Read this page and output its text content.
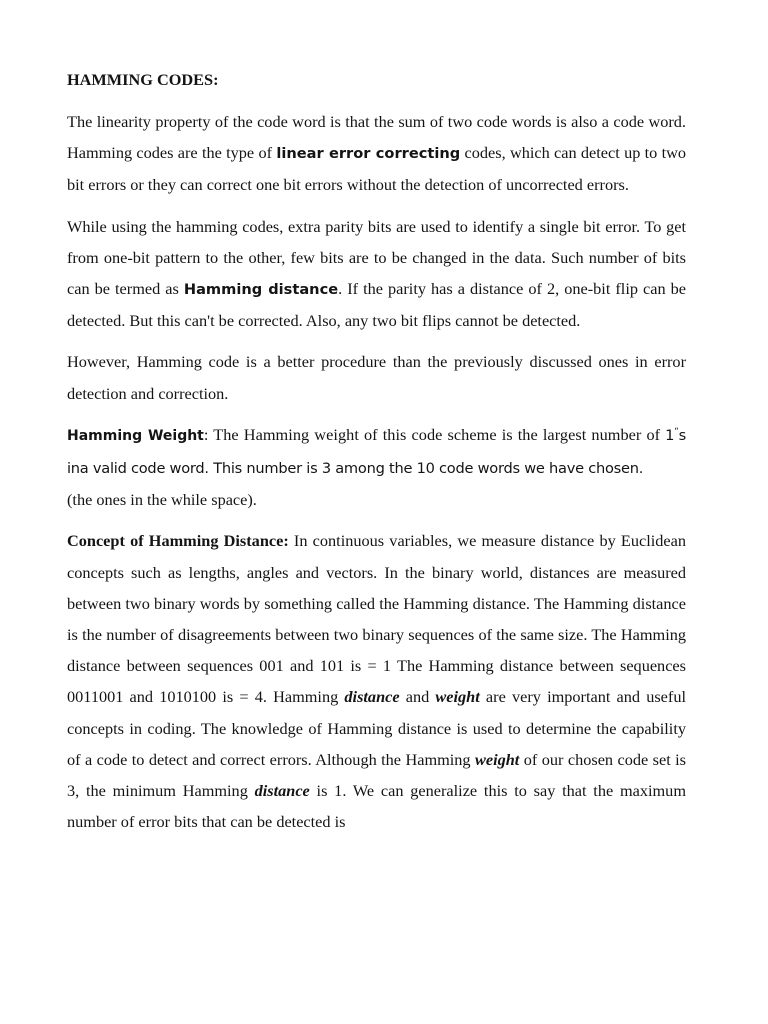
HAMMING CODES:

The linearity property of the code word is that the sum of two code words is also a code word. Hamming codes are the type of linear error correcting codes, which can detect up to two bit errors or they can correct one bit errors without the detection of uncorrected errors.

While using the hamming codes, extra parity bits are used to identify a single bit error. To get from one-bit pattern to the other, few bits are to be changed in the data. Such number of bits can be termed as Hamming distance. If the parity has a distance of 2, one-bit flip can be detected. But this can't be corrected. Also, any two bit flips cannot be detected.

However, Hamming code is a better procedure than the previously discussed ones in error detection and correction.

Hamming Weight: The Hamming weight of this code scheme is the largest number of 1“s ina valid code word. This number is 3 among the 10 code words we have chosen.
(the ones in the while space).

Concept of Hamming Distance: In continuous variables, we measure distance by Euclidean concepts such as lengths, angles and vectors. In the binary world, distances are measured between two binary words by something called the Hamming distance. The Hamming distance is the number of disagreements between two binary sequences of the same size. The Hamming distance between sequences 001 and 101 is = 1 The Hamming distance between sequences 0011001 and 1010100 is = 4. Hamming distance and weight are very important and useful concepts in coding. The knowledge of Hamming distance is used to determine the capability of a code to detect and correct errors. Although the Hamming weight of our chosen code set is 3, the minimum Hamming distance is 1. We can generalize this to say that the maximum number of error bits that can be detected is
